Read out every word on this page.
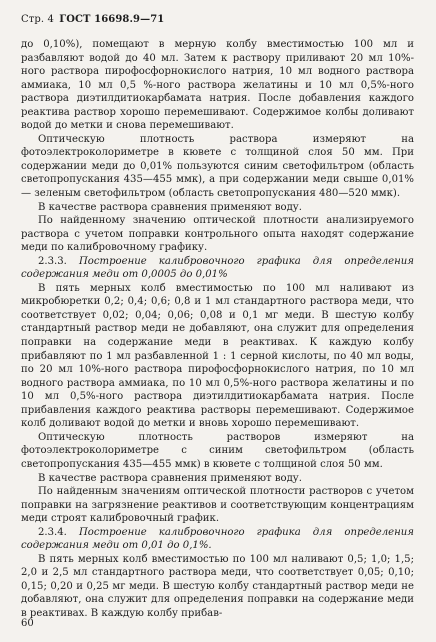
Стр. 4 ГОСТ 16698.9—71

до 0,10%), помещают в мерную колбу вместимостью 100 мл и разбавляют водой до 40 мл. Затем к раствору приливают 20 мл 10%-ного раствора пирофосфорнокислого натрия, 10 мл водного раствора аммиака, 10 мл 0,5 %-ного раствора желатины и 10 мл 0,5%-ного раствора диэтилдитиокарбамата натрия. После добавления каждого реактива раствор хорошо перемешивают. Содержимое колбы доливают водой до метки и снова перемешивают.

Оптическую плотность раствора измеряют на фотоэлектроколориметре в кювете с толщиной слоя 50 мм. При содержании меди до 0,01% пользуются синим светофильтром (область светопропускания 435—455 ммк), а при содержании меди свыше 0,01% — зеленым светофильтром (область светопропускания 480—520 ммк).

В качестве раствора сравнения применяют воду.

По найденному значению оптической плотности анализируемого раствора с учетом поправки контрольного опыта находят содержание меди по калибровочному графику.

2.3.3. Построение калибровочного графика для определения содержания меди от 0,0005 до 0,01%

В пять мерных колб вместимостью по 100 мл наливают из микробюретки 0,2; 0,4; 0,6; 0,8 и 1 мл стандартного раствора меди, что соответствует 0,02; 0,04; 0,06; 0,08 и 0,1 мг меди. В шестую колбу стандартный раствор меди не добавляют, она служит для определения поправки на содержание меди в реактивах. К каждую колбу прибавляют по 1 мл разбавленной 1 : 1 серной кислоты, по 40 мл воды, по 20 мл 10%-ного раствора пирофосфорнокислого натрия, по 10 мл водного раствора аммиака, по 10 мл 0,5%-ного раствора желатины и по 10 мл 0,5%-ного раствора диэтилдитиокарбамата натрия. После прибавления каждого реактива растворы перемешивают. Содержимое колб доливают водой до метки и вновь хорошо перемешивают.

Оптическую плотность растворов измеряют на фотоэлектроколориметре с синим светофильтром (область светопропускания 435—455 ммк) в кювете с толщиной слоя 50 мм.

В качестве раствора сравнения применяют воду.

По найденным значениям оптической плотности растворов с учетом поправки на загрязнение реактивов и соответствующим концентрациям меди строят калибровочный график.

2.3.4. Построение калибровочного графика для определения содержания меди от 0,01 до 0,1%.

В пять мерных колб вместимостью по 100 мл наливают 0,5; 1,0; 1,5; 2,0 и 2,5 мл стандартного раствора меди, что соответствует 0,05; 0,10; 0,15; 0,20 и 0,25 мг меди. В шестую колбу стандартный раствор меди не добавляют, она служит для определения поправки на содержание меди в реактивах. В каждую колбу прибав-

60
